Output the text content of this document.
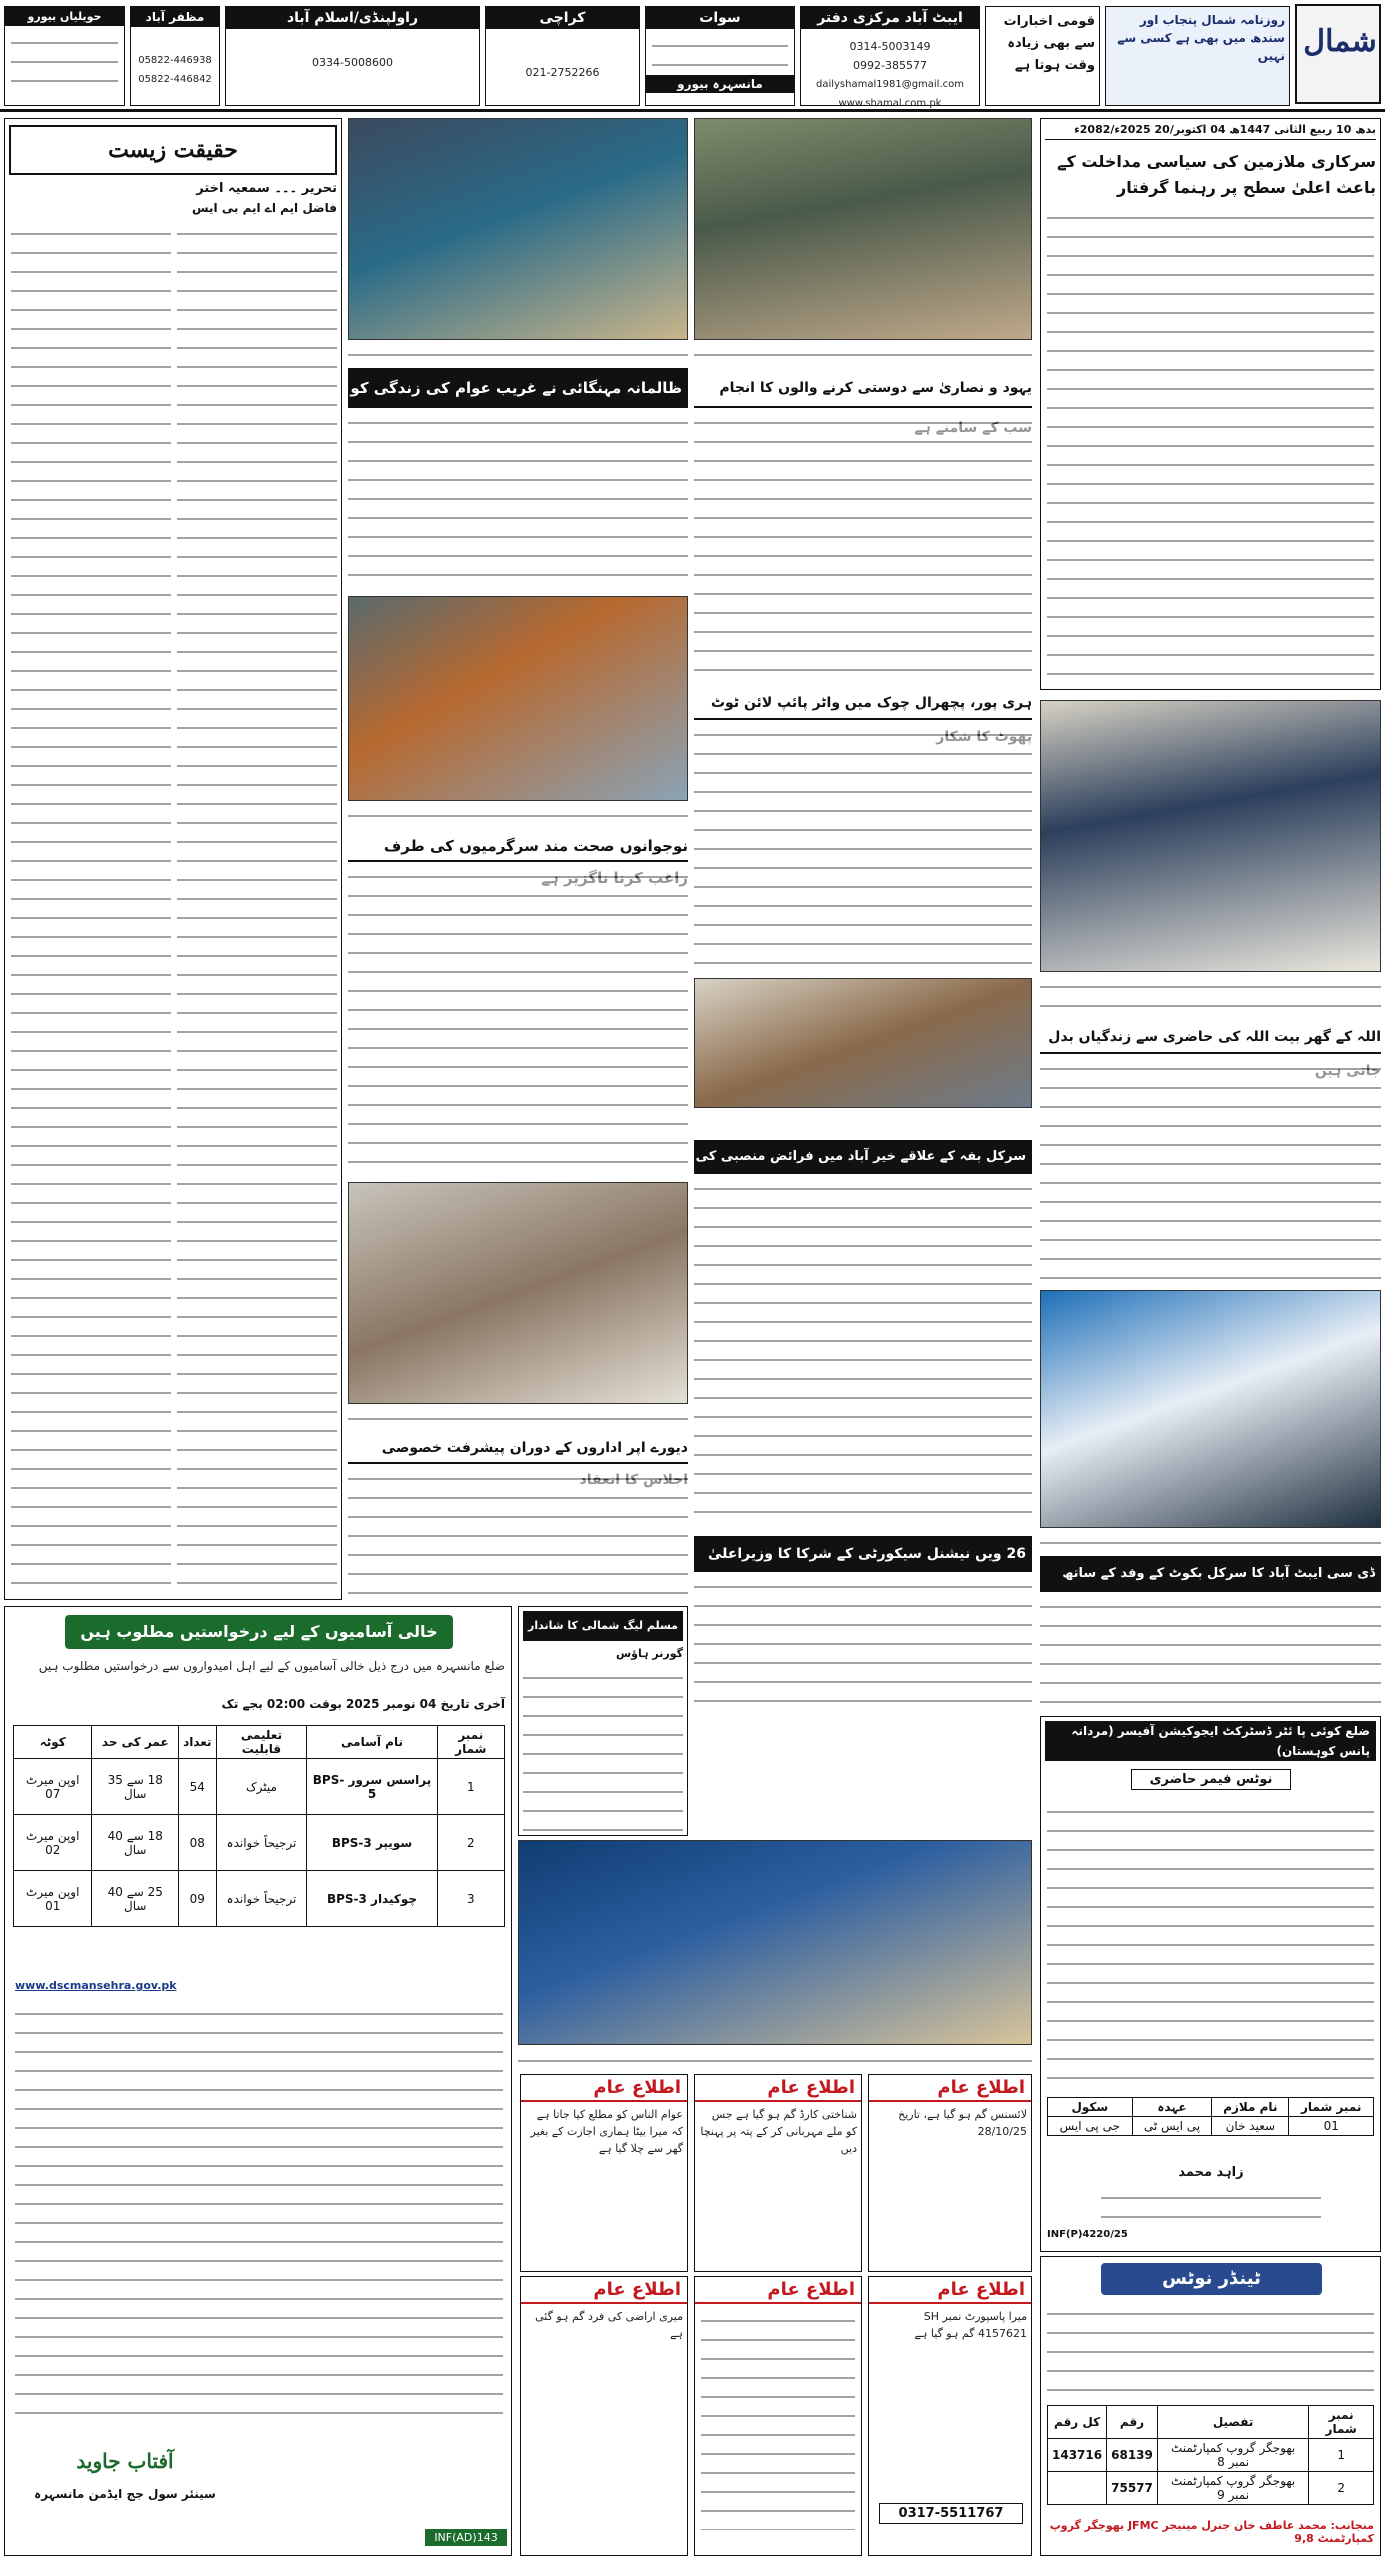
شمال
روزنامہ شمال پنجاب اور سندھ میں بھی ہے کسی سے نہیں
قومی اخبارات سے بھی زیادہ وقت ہوتا ہے
ایبٹ آباد مرکزی دفتر
0314-5003149
0992-385577
dailyshamal1981@gmail.com
www.shamal.com.pk
سوات
مانسہرہ بیورو
کراچی
021-2752266
راولپنڈی/اسلام آباد
0334-5008600
مظفر آباد
05822-446938
05822-446842
حویلیاں بیورو
حقیقت زیست
تحریر ۔۔۔ سمعیہ اختر
فاضل ایم اے ایم بی ایس
ظالمانہ مہنگائی نے غریب عوام کی زندگی کو
نوجوانوں صحت مند سرگرمیوں کی طرف
دیورے اپر اداروں کے دوران پیشرفت خصوصی
یہود و نصاریٰ سے دوستی کرنے والوں کا انجام
ہری پور، پچھرال چوک میں واٹر پائپ لائن ٹوٹ
سرکل بفہ کے علاقے خیر آباد میں فرائض منصبی کی
26 ویں نیشنل سیکورٹی کے شرکا کا وزیراعلیٰ
بدھ 10 ربیع الثانی 1447ھ 04 اکتوبر/20 2025ء/2082ء
سرکاری ملازمین کی سیاسی مداخلت کے باعث اعلیٰ سطح پر رہنما گرفتار
اللہ کے گھر بیت اللہ کی حاضری سے زندگیاں بدل
ڈی سی ایبٹ آباد کا سرکل بکوٹ کے وفد کے ساتھ
خالی آسامیوں کے لیے درخواستیں مطلوب ہیں
ضلع مانسہرہ میں درج ذیل خالی آسامیوں کے لیے اہل امیدواروں سے درخواستیں مطلوب ہیں
آخری تاریخ 04 نومبر 2025 بوقت 02:00 بجے تک
نمبر شمار	نام آسامی	تعلیمی قابلیت	تعداد	عمر کی حد	کوٹہ
1	پراسس سرور BPS-5	میٹرک	54	18 سے 35 سال	اوپن میرٹ 07
2	سویپر BPS-3	ترجیحاً خواندہ	08	18 سے 40 سال	اوپن میرٹ 02
3	چوکیدار BPS-3	ترجیحاً خواندہ	09	25 سے 40 سال	اوپن میرٹ 01
www.dscmansehra.gov.pk
آفتاب جاوید
سینئر سول جج ایڈمن مانسہرہ
INF(AD)143
مسلم لیگ شمالی کا شاندار افتتاح
گورنر ہاؤس
اطلاع عام
عوام الناس کو مطلع کیا جاتا ہے کہ میرا بیٹا ہماری اجازت کے بغیر گھر سے چلا گیا ہے
اطلاع عام
شناختی کارڈ گم ہو گیا ہے جس کو ملے مہربانی کر کے پتہ پر پہنچا دیں
اطلاع عام
لائسنس گم ہو گیا ہے، تاریخ 28/10/25
اطلاع عام
میری اراضی کی فرد گم ہو گئی ہے
اطلاع عام	اطلاع عام
میرا پاسپورٹ نمبر SH 4157621 گم ہو گیا ہے
0317-5511767
ضلع کوئی پا ئٹر ڈسٹرکٹ ایجوکیشن آفیسر (مردانہ پانس کوہستان)
نوٹس فیمر حاضری
نمبر شمار	نام ملازم	عہدہ	سکول
01	سعید خان	پی ایس ٹی	جی پی ایس
زاہد محمد
INF(P)4220/25
ٹینڈر نوٹس
نمبر شمار	تفصیل	رقم	کل رقم
1	بھوجگر گروپ کمپارٹمنٹ نمبر 8	68139	143716
2	بھوجگر گروپ کمپارٹمنٹ نمبر 9	75577	
منجانب: محمد عاطف خان جنرل مینیجر JFMC بھوجگر گروپ کمپارٹمنٹ 9,8
